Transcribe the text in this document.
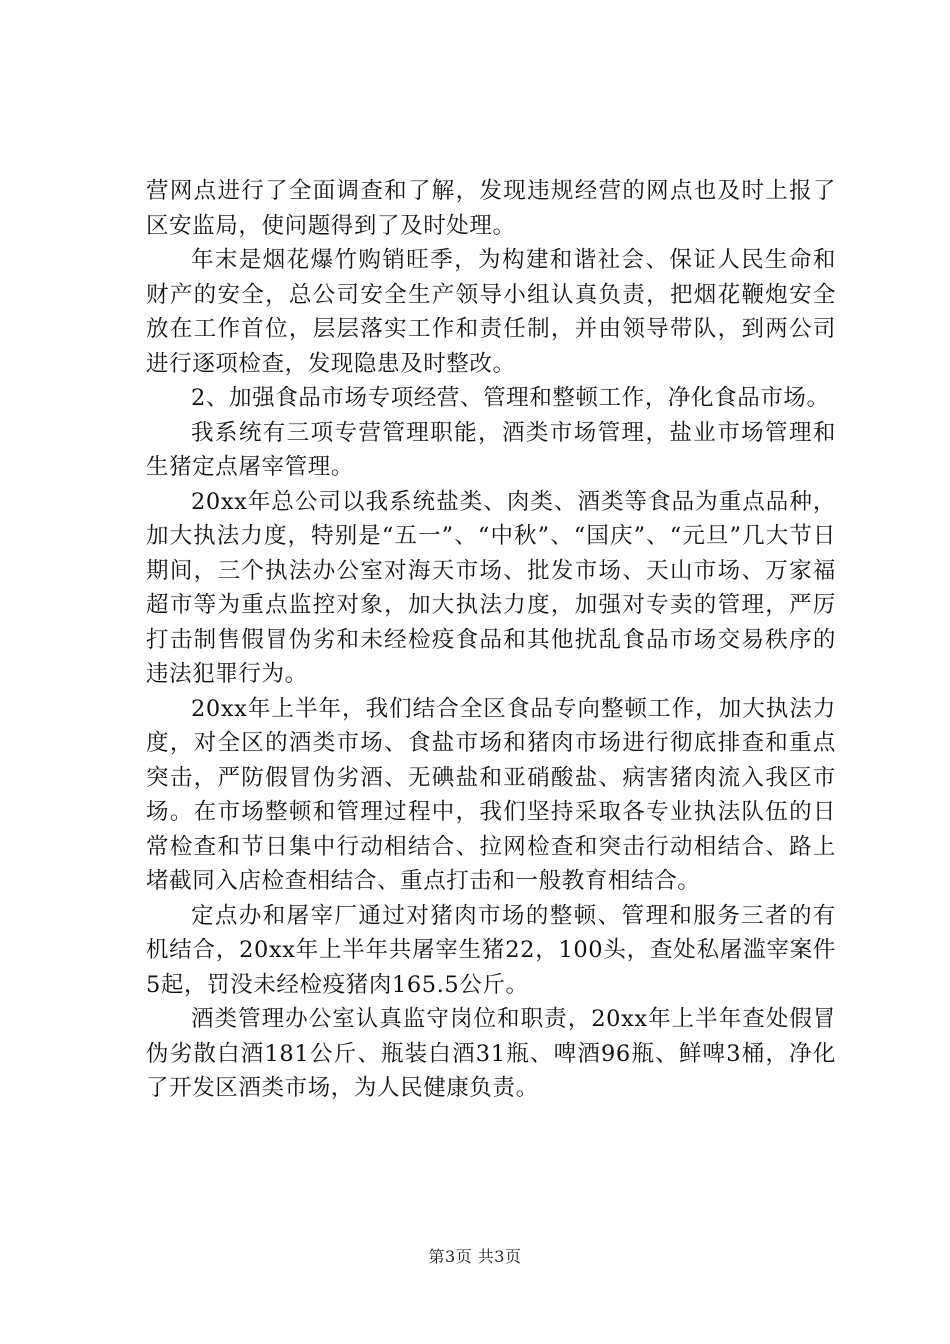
营网点进行了全面调查和了解，发现违规经营的网点也及时上报了区安监局，使问题得到了及时处理。

年末是烟花爆竹购销旺季，为构建和谐社会、保证人民生命和财产的安全，总公司安全生产领导小组认真负责，把烟花鞭炮安全放在工作首位，层层落实工作和责任制，并由领导带队，到两公司进行逐项检查，发现隐患及时整改。

2、加强食品市场专项经营、管理和整顿工作，净化食品市场。

我系统有三项专营管理职能，酒类市场管理，盐业市场管理和生猪定点屠宰管理。

20xx年总公司以我系统盐类、肉类、酒类等食品为重点品种，加大执法力度，特别是“五一”、“中秋”、“国庆”、“元旦”几大节日期间，三个执法办公室对海天市场、批发市场、天山市场、万家福超市等为重点监控对象，加大执法力度，加强对专卖的管理，严厉打击制售假冒伪劣和未经检疫食品和其他扰乱食品市场交易秩序的违法犯罪行为。

20xx年上半年，我们结合全区食品专向整顿工作，加大执法力度，对全区的酒类市场、食盐市场和猪肉市场进行彻底排查和重点突击，严防假冒伪劣酒、无碘盐和亚硝酸盐、病害猪肉流入我区市场。在市场整顿和管理过程中，我们坚持采取各专业执法队伍的日常检查和节日集中行动相结合、拉网检查和突击行动相结合、路上堵截同入店检查相结合、重点打击和一般教育相结合。

定点办和屠宰厂通过对猪肉市场的整顿、管理和服务三者的有机结合，20xx年上半年共屠宰生猪22，100头，查处私屠滥宰案件5起，罚没未经检疫猪肉165.5公斤。

酒类管理办公室认真监守岗位和职责，20xx年上半年查处假冒伪劣散白酒181公斤、瓶装白酒31瓶、啤酒96瓶、鲜啤3桶，净化了开发区酒类市场，为人民健康负责。

第3页 共3页
